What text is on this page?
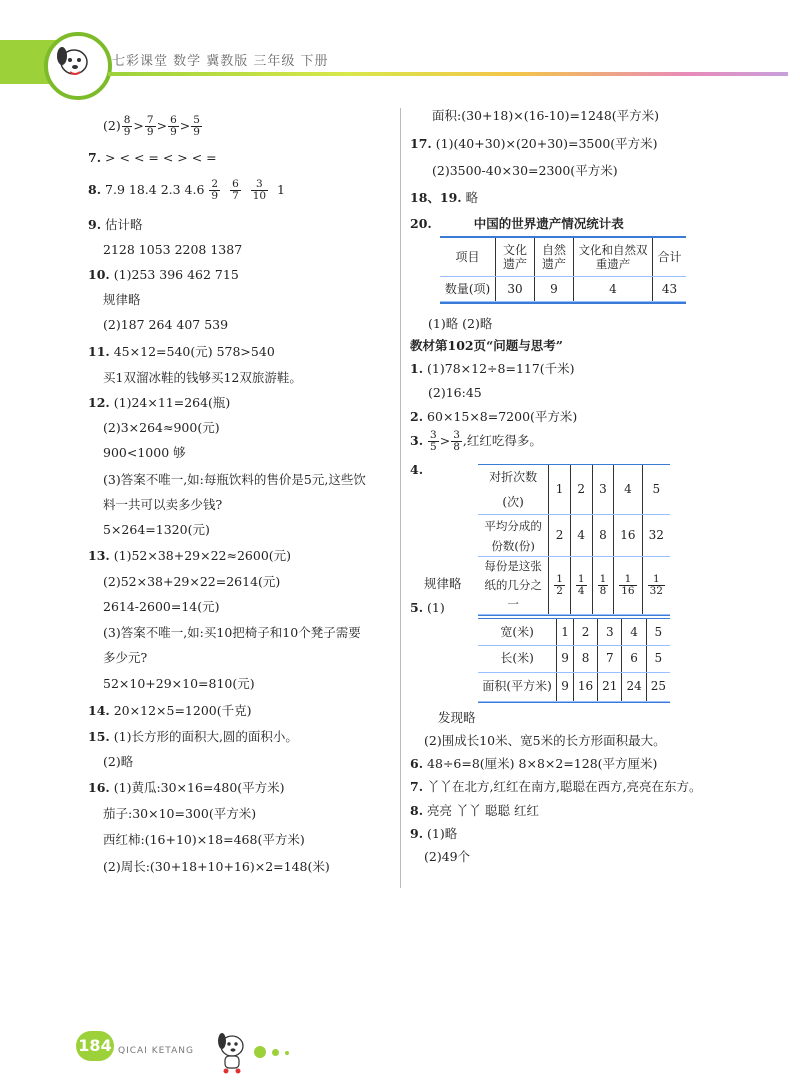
七彩课堂 数学 冀教版 三年级 下册
$(2) \frac{8}{9} > \frac{7}{9} > \frac{6}{9} > \frac{5}{9}$
7. > < < = < > < =
8. 7.9 18.4 2.3 $4.6 \frac{2}{9}$
$\frac{6}{7}$
$\frac{3}{10} 1$
9. 估计略
2128 1053 2208 1387
10. (1)253 396 462 715
规律略
(2)187 264 407 539
11. 45×12=540(元) 578>540
买1双溜冰鞋的钱够买12双旅游鞋。
12. (1)24×11=264(瓶)
(2)3×264≈900(元)
900<1000 够
(3)答案不唯一,如:每瓶饮料的售价是5元,这些饮
料一共可以卖多少钱?
5×264=1320(元)
13. (1)52×38+29×22≈2600(元)
(2)52×38+29×22=2614(元)
2614-2600=14(元)
(3)答案不唯一,如:买10把椅子和10个凳子需要
多少元?
52×10+29×10=810(元)
14. 20×12×5=1200(千克)
15. (1)长方形的面积大,圆的面积小。
(2)略
16. (1)黄瓜:30×16=480(平方米)
茄子:30×10=300(平方米)
西红柿:(16+10)×18=468(平方米)
(2)周长:(30+18+10+16)×2=148(米)
面积:(30+18)×(16-10)=1248(平方米)
17. (1)(40+30)×(20+30)=3500(平方米)
(2)3500-40×30=2300(平方米)
18、19. 略
20.	中国的世界遗产情况统计表
项目	文化遗产	自然遗产	文化和自然双重遗产	合计
数量(项)	30	9	4	43
(1)略 (2)略
教材第102页“问题与思考”
1. (1)78×12÷8=117(千米)
(2)16:45
2. 60×15×8=7200(平方米)
3. $\frac{3}{5} > \frac{3}{8}$ ,红红吃得多。
4.	对折次数(次)	1	2	3	4	5
平均分成的份数(份)	2	4	8	16	32
每份是这张纸的几分之一	$\frac{1}{2}$	$\frac{1}{4}$	$\frac{1}{8}$	$\frac{1}{16}$	$\frac{1}{32}$
规律略
5. (1)
宽(米)	1	2	3	4	5
长(米)	9	8	7	6	5
面积(平方米)	9	16	21	24	25
发现略
(2)围成长10米、宽5米的长方形面积最大。
6. 48÷6=8(厘米) 8×8×2=128(平方厘米)
7. 丫丫在北方,红红在南方,聪聪在西方,亮亮在东方。
8. 亮亮 丫丫 聪聪 红红
9. (1)略
(2)49个
184 QICAI KETANG
